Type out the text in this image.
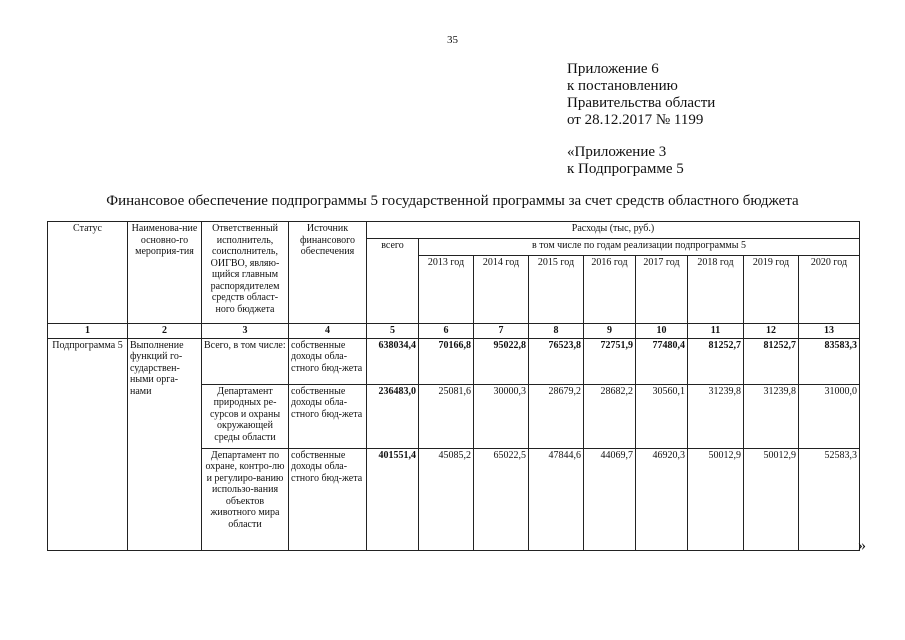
35
Приложение 6
к постановлению
Правительства области
от 28.12.2017 № 1199
«Приложение 3
к Подпрограмме 5
Финансовое обеспечение подпрограммы 5 государственной программы за счет средств областного бюджета
Статус	Наименова-ние основно-го мероприя-тия	Ответственный исполнитель, соисполнитель, ОИГВО, являю-щийся главным распорядителем средств област-ного бюджета	Источник финансового обеспечения	Расходы (тыс, руб.)								
				всего	в том числе по годам реализации подпрограммы 5							
					2013 год	2014 год	2015 год	2016 год	2017 год	2018 год	2019 год	2020 год
1	2	3	4	5	6	7	8	9	10	11	12	13
Подпрограмма 5	Выполнение функций го-сударствен-ными орга-нами	Всего, в том числе:	собственные доходы обла-стного бюд-жета	638034,4	70166,8	95022,8	76523,8	72751,9	77480,4	81252,7	81252,7	83583,3
		Департамент природных ре-сурсов и охраны окружающей среды области	собственные доходы обла-стного бюд-жета	236483,0	25081,6	30000,3	28679,2	28682,2	30560,1	31239,8	31239,8	31000,0
		Департамент по охране, контро-лю и регулиро-ванию использо-вания объектов животного мира области	собственные доходы обла-стного бюд-жета	401551,4	45085,2	65022,5	47844,6	44069,7	46920,3	50012,9	50012,9	52583,3
»
